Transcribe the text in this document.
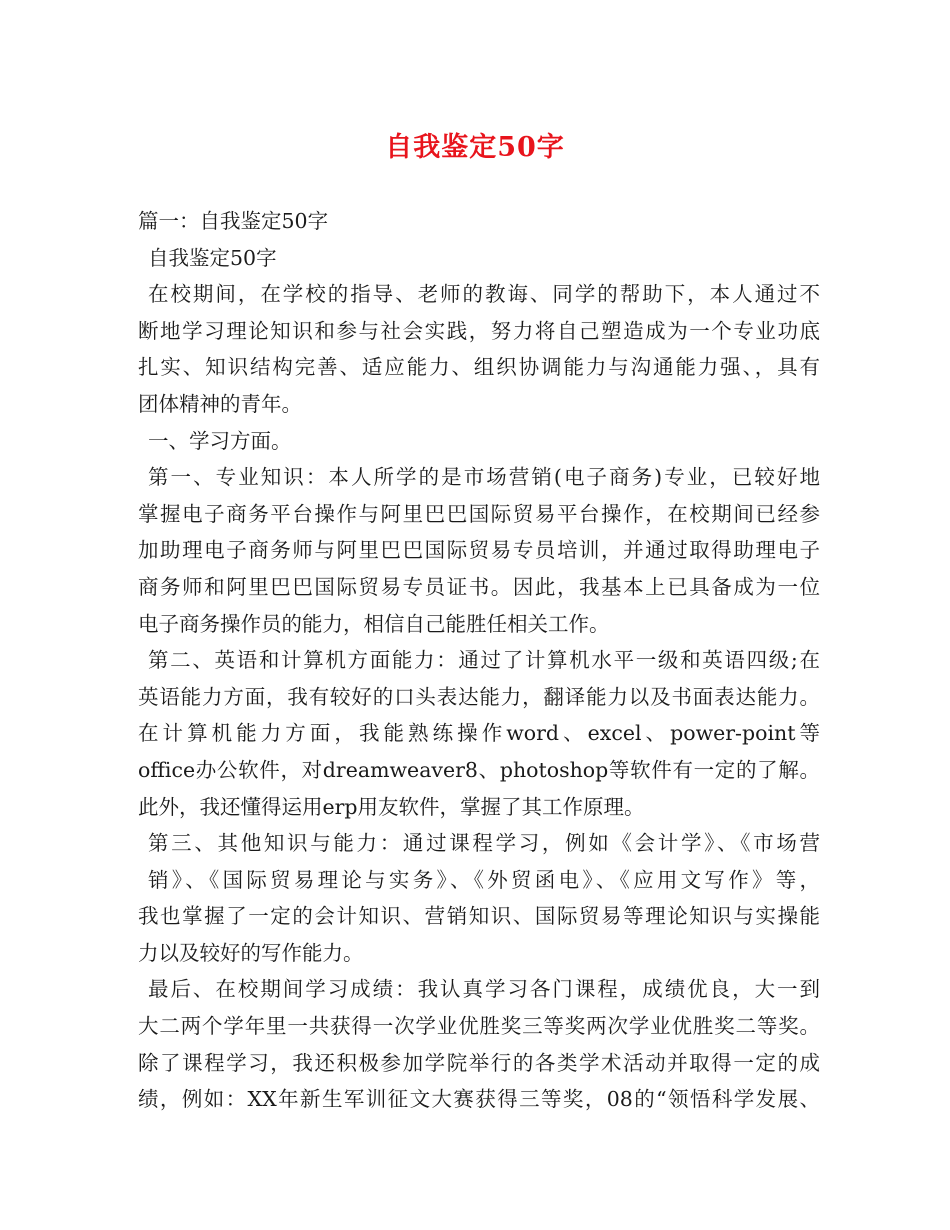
自我鉴定50字
篇一：自我鉴定50字
自我鉴定50字
在校期间，在学校的指导、老师的教诲、同学的帮助下，本人通过不
断地学习理论知识和参与社会实践，努力将自己塑造成为一个专业功底
扎实、知识结构完善、适应能力、组织协调能力与沟通能力强、，具有
团体精神的青年。
一、学习方面。
第一、专业知识：本人所学的是市场营销(电子商务)专业，已较好地
掌握电子商务平台操作与阿里巴巴国际贸易平台操作，在校期间已经参
加助理电子商务师与阿里巴巴国际贸易专员培训，并通过取得助理电子
商务师和阿里巴巴国际贸易专员证书。因此，我基本上已具备成为一位
电子商务操作员的能力，相信自己能胜任相关工作。
第二、英语和计算机方面能力：通过了计算机水平一级和英语四级;在
英语能力方面，我有较好的口头表达能力，翻译能力以及书面表达能力。
在计算机能力方面，我能熟练操作word、excel、power-point等
office办公软件，对dreamweaver8、photoshop等软件有一定的了解。
此外，我还懂得运用erp用友软件，掌握了其工作原理。
第三、其他知识与能力：通过课程学习，例如《会计学》、《市场营
销》、《国际贸易理论与实务》、《外贸函电》、《应用文写作》等，
我也掌握了一定的会计知识、营销知识、国际贸易等理论知识与实操能
力以及较好的写作能力。
最后、在校期间学习成绩：我认真学习各门课程，成绩优良，大一到
大二两个学年里一共获得一次学业优胜奖三等奖两次学业优胜奖二等奖。
除了课程学习，我还积极参加学院举行的各类学术活动并取得一定的成
绩，例如：XX年新生军训征文大赛获得三等奖，08的“领悟科学发展、
